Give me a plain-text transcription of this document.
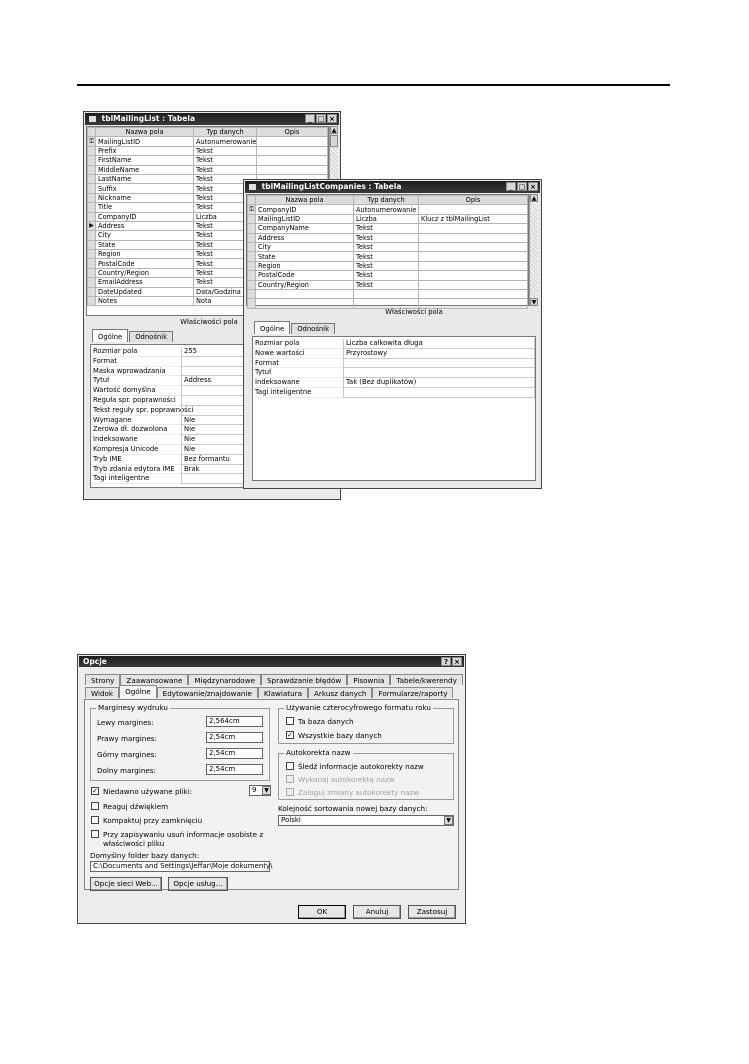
tblMailingList : Tabela	_ □ ×
	Nazwa pola	Typ danych	Opis
⚿	MailingListID	Autonumerowanie	
	Prefix	Tekst	
	FirstName	Tekst	
	MiddleName	Tekst	
	LastName	Tekst	
	Suffix	Tekst	
	Nickname	Tekst	
	Title	Tekst	
	CompanyID	Liczba	
▶	Address	Tekst	
	City	Tekst	
	State	Tekst	
	Region	Tekst	
	PostalCode	Tekst	
	Country/Region	Tekst	
	EmailAddress	Tekst	
	DateUpdated	Data/Godzina	
	Notes	Nota	
▲
Właściwości pola
Ogólne	Odnośnik
Rozmiar pola	255
Format
Maska wprowadzania
Tytuł	Address
Wartość domyślna
Reguła spr. poprawności
Tekst reguły spr. poprawności
Wymagane	Nie
Zerowa dł. dozwolona	Nie
Indeksowane	Nie
Kompresja Unicode	Nie
Tryb IME	Bez formantu
Tryb zdania edytora IME	Brak
Tagi inteligentne
tblMailingListCompanies : Tabela	_ □ ×
	Nazwa pola	Typ danych	Opis
⚿	CompanyID	Autonumerowanie	
	MailingListID	Liczba	Klucz z tblMailingList
	CompanyName	Tekst	
	Address	Tekst	
	City	Tekst	
	State	Tekst	
	Region	Tekst	
	PostalCode	Tekst	
	Country/Region	Tekst	

▲
▼
Właściwości pola
Ogólne	Odnośnik
Rozmiar pola	Liczba całkowita długa
Nowe wartości	Przyrostowy
Format
Tytuł
Indeksowane	Tak (Bez duplikatów)
Tagi inteligentne
Opcje	? ×
Strony	Zaawansowane	Międzynarodowe	Sprawdzanie błędów	Pisownia	Tabele/kwerendy
Widok	Ogólne	Edytowanie/znajdowanie	Klawiatura	Arkusz danych	Formularze/raporty
Marginesy wydruku
Lewy margines:	2,564cm
Prawy margines:	2,54cm
Górny margines:	2,54cm
Dolny margines:	2,54cm
✓ Niedawno używane pliki:	9	▼
Reaguj dźwiękiem
Kompaktuj przy zamknięciu
Przy zapisywaniu usuń informacje osobiste z
właściwości pliku
Domyślny folder bazy danych:
C:\Documents and Settings\Jeffar\Moje dokumenty\
Opcje sieci Web...	Opcje usług...
Używanie czterocyfrowego formatu roku
Ta baza danych
✓ Wszystkie bazy danych
Autokorekta nazw
Śledź informacje autokorekty nazw
Wykonaj autokorektę nazw
Zaloguj zmiany autokorekty nazw
Kolejność sortowania nowej bazy danych:
Polski	▼
OK	Anuluj	Zastosuj
